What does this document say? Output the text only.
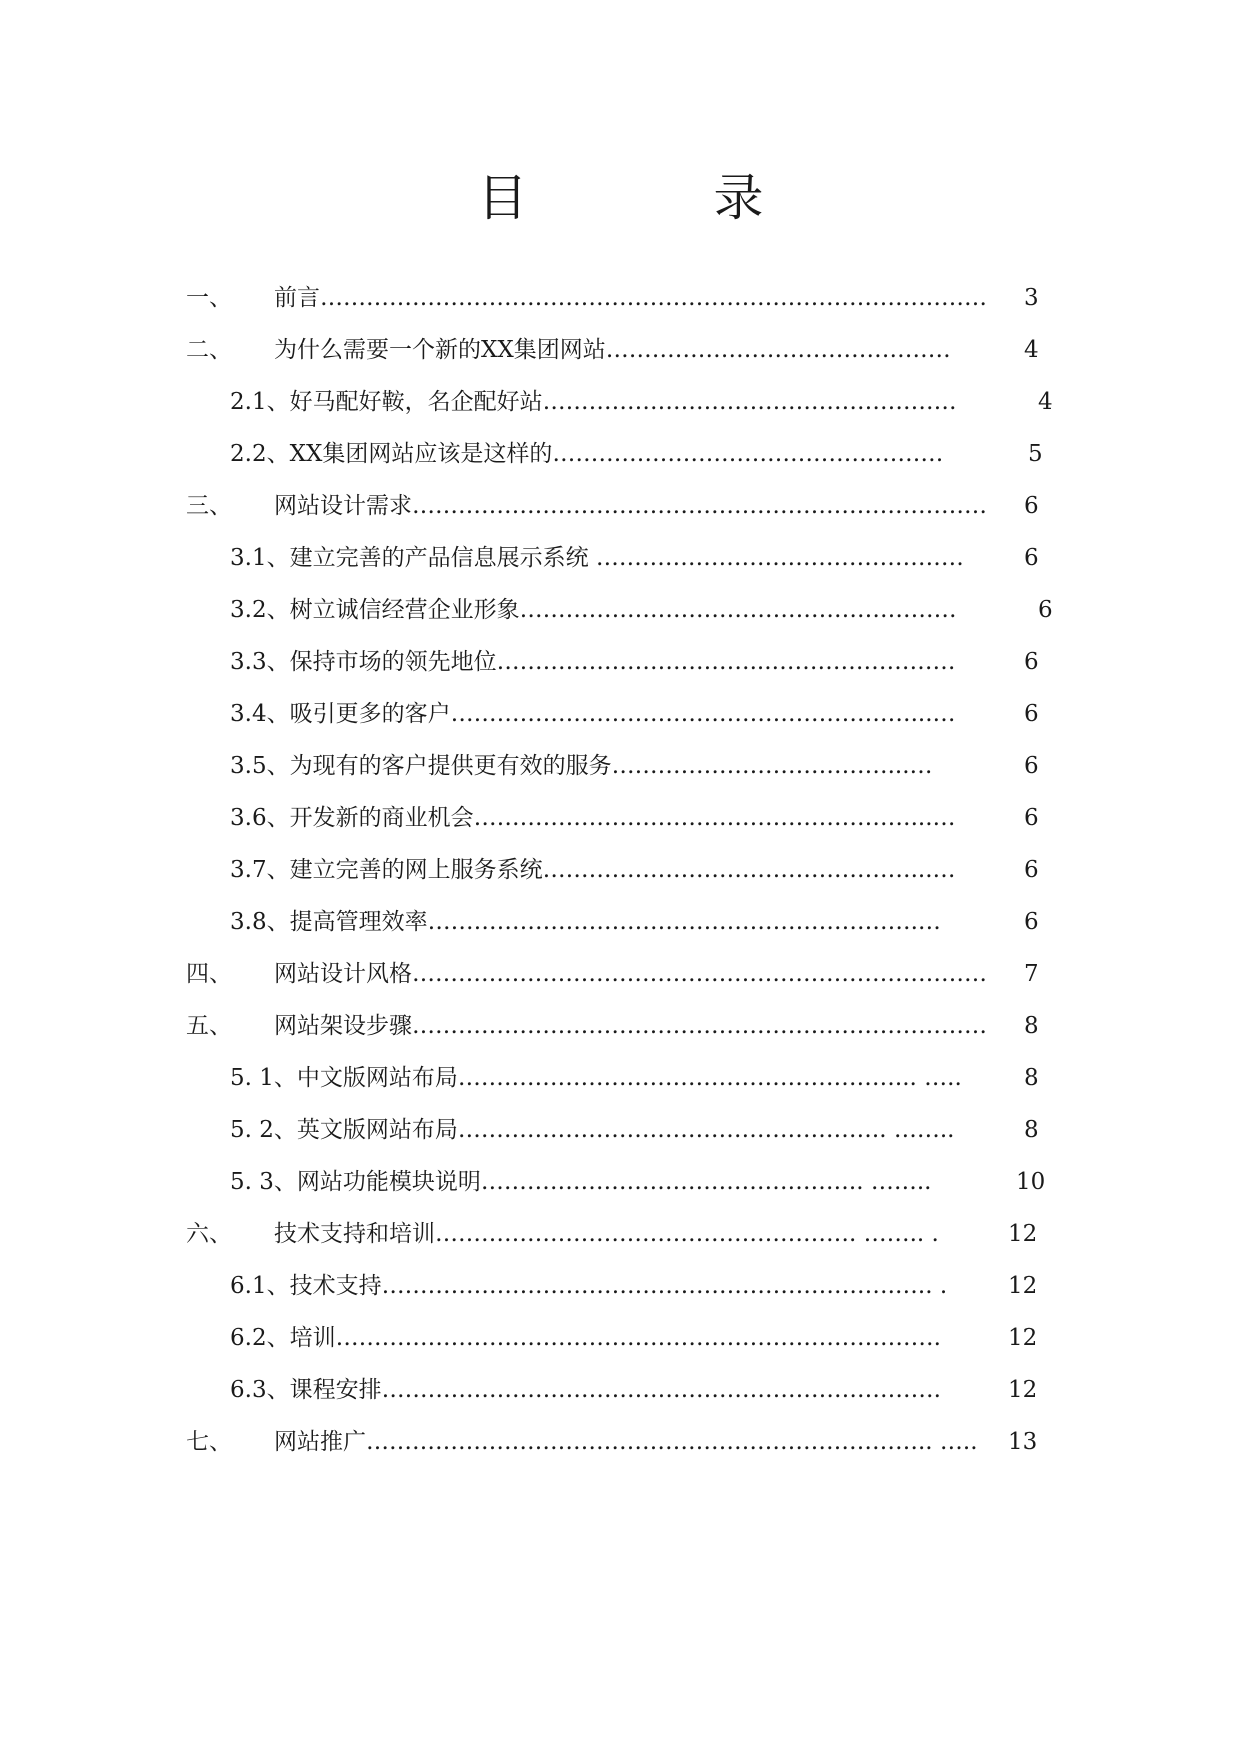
目　录
一、 前言…………………………………………………………………………… 3
二、 为什么需要一个新的XX集团网站………………………………………	4
2.1、好马配好鞍，名企配好站………………………………………………	4
2.2、XX集团网站应该是这样的……………………………………………	5
三、 网站设计需求…………………………………………………………………	6
3.1、建立完善的产品信息展示系统 …………………………………………	6
3.2、树立诚信经营企业形象…………………………………………………	6
3.3、保持市场的领先地位……………………………...……………………	6
3.4、吸引更多的客户……………………………………………………...…	6
3.5、为现有的客户提供更有效的服务………………………………...…	6
3.6、开发新的商业机会…………………………………………………...…	6
3.7、建立完善的网上服务系统…………………………………………...…	6
3.8、提高管理效率……………………………………………………….…	6
四、 网站设计风格…………………………………………………………………	7
五、 网站架设步骤…………………………………………………………………	8
5. 1、中文版网站布局…………………………………………………... …..	8
5. 2、英文版网站布局……………………………………………….. ……..	8
5. 3、网站功能模块说明………………………………………….. ……..	10
六、 技术支持和培训………………………………………………. …….. .	12
6.1、技术支持………………………………………………………….….. .	12
6.2、培训…………………………………………………………………….	12
6.3、课程安排……………………………………………………………….	12
七、 网站推广……………………………………………………………….. …..	13
